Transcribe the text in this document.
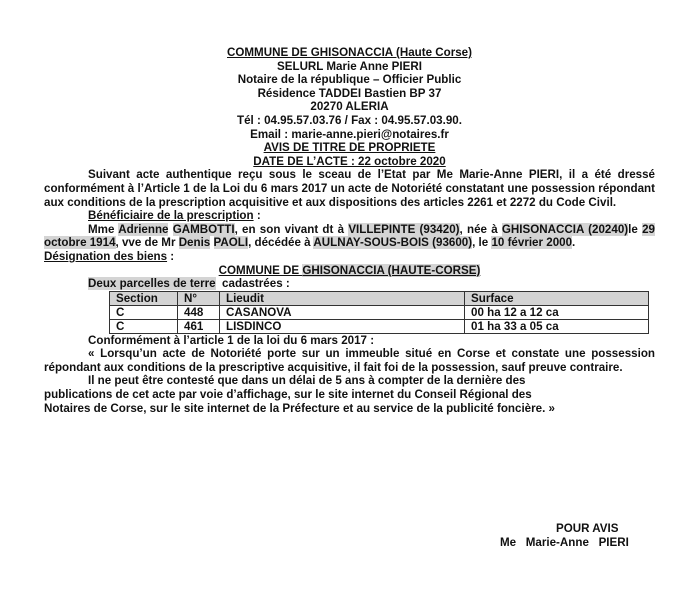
COMMUNE DE GHISONACCIA (Haute Corse)
SELURL Marie Anne PIERI
Notaire de la république – Officier Public
Résidence TADDEI Bastien BP 37
20270 ALERIA
Tél : 04.95.57.03.76 / Fax : 04.95.57.03.90.
Email : marie-anne.pieri@notaires.fr
AVIS DE TITRE DE PROPRIETE
DATE DE L’ACTE : 22 octobre 2020

Suivant acte authentique reçu sous le sceau de l’Etat par Me Marie-Anne PIERI, il a été dressé conformément à l’Article 1 de la Loi du 6 mars 2017 un acte de Notoriété constatant une possession répondant aux conditions de la prescription acquisitive et aux dispositions des articles 2261 et 2272 du Code Civil.

Bénéficiaire de la prescription :

Mme Adrienne GAMBOTTI, en son vivant dt à VILLEPINTE (93420), née à GHISONACCIA (20240)le 29 octobre 1914, vve de Mr Denis PAOLI, décédée à AULNAY-SOUS-BOIS (93600), le 10 février 2000.

Désignation des biens :
COMMUNE DE GHISONACCIA (HAUTE-CORSE)
Deux parcelles de terre  cadastrées :
Section	N°	Lieudit	Surface
C	448	CASANOVA	00 ha 12 a 12 ca
C	461	LISDINCO	01 ha 33 a 05 ca
Conformément à l’article 1 de la loi du 6 mars 2017 :

« Lorsqu’un acte de Notoriété porte sur un immeuble situé en Corse et constate une possession répondant aux conditions de la prescriptive acquisitive, il fait foi de la possession, sauf preuve contraire.

Il ne peut être contesté que dans un délai de 5 ans à compter de la dernière des
publications de cet acte par voie d’affichage, sur le site internet du Conseil Régional des
Notaires de Corse, sur le site internet de la Préfecture et au service de la publicité foncière. »
POUR AVIS
Me   Marie-Anne   PIERI
